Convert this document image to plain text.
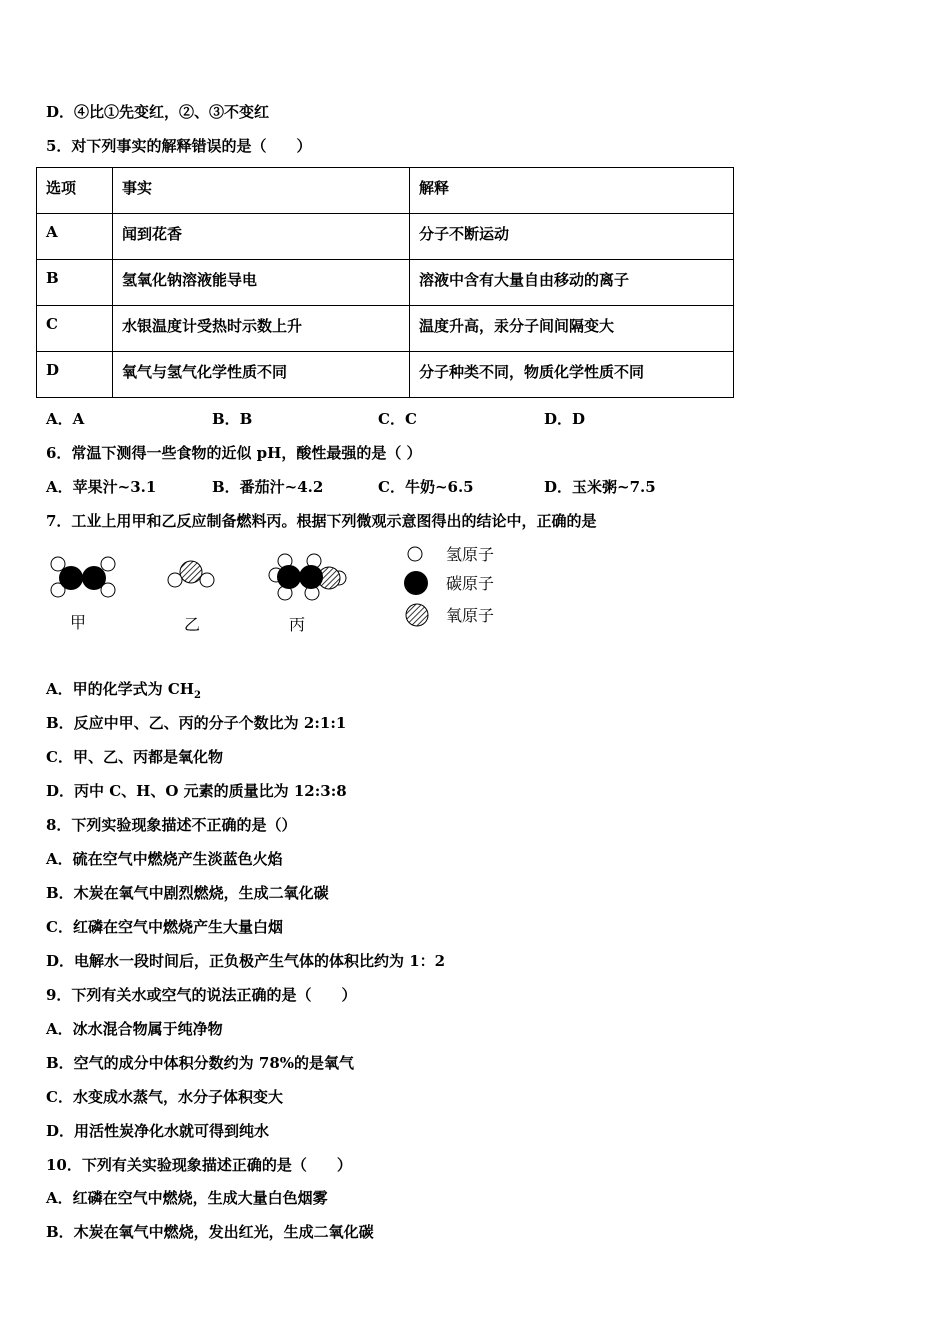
D．④比①先变红，②、③不变红
5．对下列事实的解释错误的是（　　）
选项	事实	解释
A	闻到花香	分子不断运动
B	氢氧化钠溶液能导电	溶液中含有大量自由移动的离子
C	水银温度计受热时示数上升	温度升高，汞分子间间隔变大
D	氧气与氢气化学性质不同	分子种类不同，物质化学性质不同
A．A	B．B	C．C	D．D
6．常温下测得一些食物的近似 pH，酸性最强的是（ ）
A．苹果汁~3.1	B．番茄汁~4.2	C．牛奶~6.5	D．玉米粥~7.5
7．工业上用甲和乙反应制备燃料丙。根据下列微观示意图得出的结论中，正确的是
甲	乙	丙
氢原子
碳原子
氧原子
A．甲的化学式为 $CH_2$
B．反应中甲、乙、丙的分子个数比为 2:1:1
C．甲、乙、丙都是氧化物
D．丙中 C、H、O 元素的质量比为 12:3:8
8．下列实验现象描述不正确的是（）
A．硫在空气中燃烧产生淡蓝色火焰
B．木炭在氧气中剧烈燃烧，生成二氧化碳
C．红磷在空气中燃烧产生大量白烟
D．电解水一段时间后，正负极产生气体的体积比约为 1：2
9．下列有关水或空气的说法正确的是（　　）
A．冰水混合物属于纯净物
B．空气的成分中体积分数约为 78%的是氧气
C．水变成水蒸气，水分子体积变大
D．用活性炭净化水就可得到纯水
10．下列有关实验现象描述正确的是（　　）
A．红磷在空气中燃烧，生成大量白色烟雾
B．木炭在氧气中燃烧，发出红光，生成二氧化碳
